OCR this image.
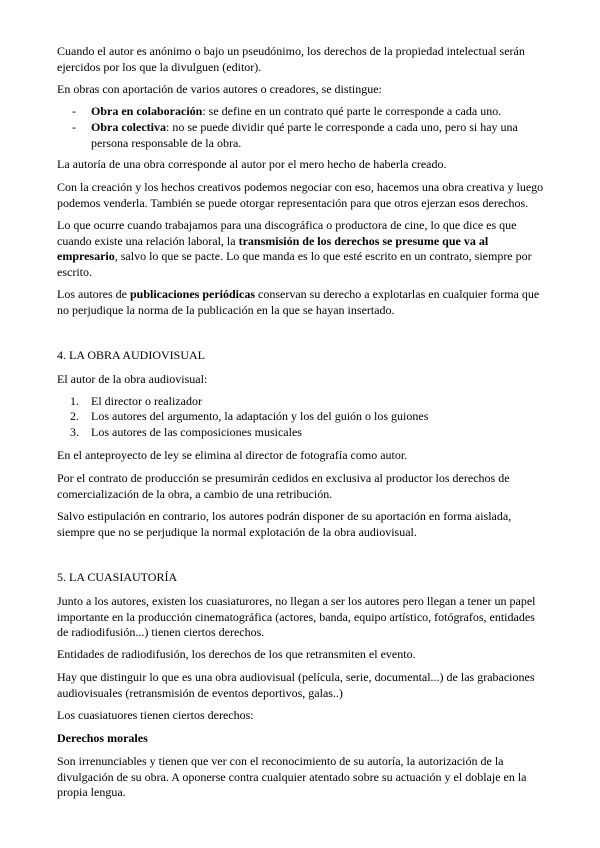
Cuando el autor es anónimo o bajo un pseudónimo, los derechos de la propiedad intelectual serán ejercidos por los que la divulguen (editor).

En obras con aportación de varios autores o creadores, se distingue:

- Obra en colaboración: se define en un contrato qué parte le corresponde a cada uno.
- Obra colectiva: no se puede dividir qué parte le corresponde a cada uno, pero si hay una persona responsable de la obra.

La autoría de una obra corresponde al autor por el mero hecho de haberla creado.

Con la creación y los hechos creativos podemos negociar con eso, hacemos una obra creativa y luego podemos venderla. También se puede otorgar representación para que otros ejerzan esos derechos.

Lo que ocurre cuando trabajamos para una discográfica o productora de cine, lo que dice es que cuando existe una relación laboral, la transmisión de los derechos se presume que va al empresario, salvo lo que se pacte. Lo que manda es lo que esté escrito en un contrato, siempre por escrito.

Los autores de publicaciones periódicas conservan su derecho a explotarlas en cualquier forma que no perjudique la norma de la publicación en la que se hayan insertado.

4. LA OBRA AUDIOVISUAL

El autor de la obra audiovisual:

1. El director o realizador
2. Los autores del argumento, la adaptación y los del guión o los guiones
3. Los autores de las composiciones musicales

En el anteproyecto de ley se elimina al director de fotografía como autor.

Por el contrato de producción se presumirán cedidos en exclusiva al productor los derechos de comercialización de la obra, a cambio de una retribución.

Salvo estipulación en contrario, los autores podrán disponer de su aportación en forma aislada, siempre que no se perjudique la normal explotación de la obra audiovisual.

5. LA CUASIAUTORÍA

Junto a los autores, existen los cuasiaturores, no llegan a ser los autores pero llegan a tener un papel importante en la producción cinematográfica (actores, banda, equipo artístico, fotógrafos, entidades de radiodifusión...) tienen ciertos derechos.

Entidades de radiodifusión, los derechos de los que retransmiten el evento.

Hay que distinguir lo que es una obra audiovisual (película, serie, documental...) de las grabaciones audiovisuales (retransmisión de eventos deportivos, galas..)

Los cuasiatuores tienen ciertos derechos:

Derechos morales

Son irrenunciables y tienen que ver con el reconocimiento de su autoría, la autorización de la divulgación de su obra. A oponerse contra cualquier atentado sobre su actuación y el doblaje en la propia lengua.
